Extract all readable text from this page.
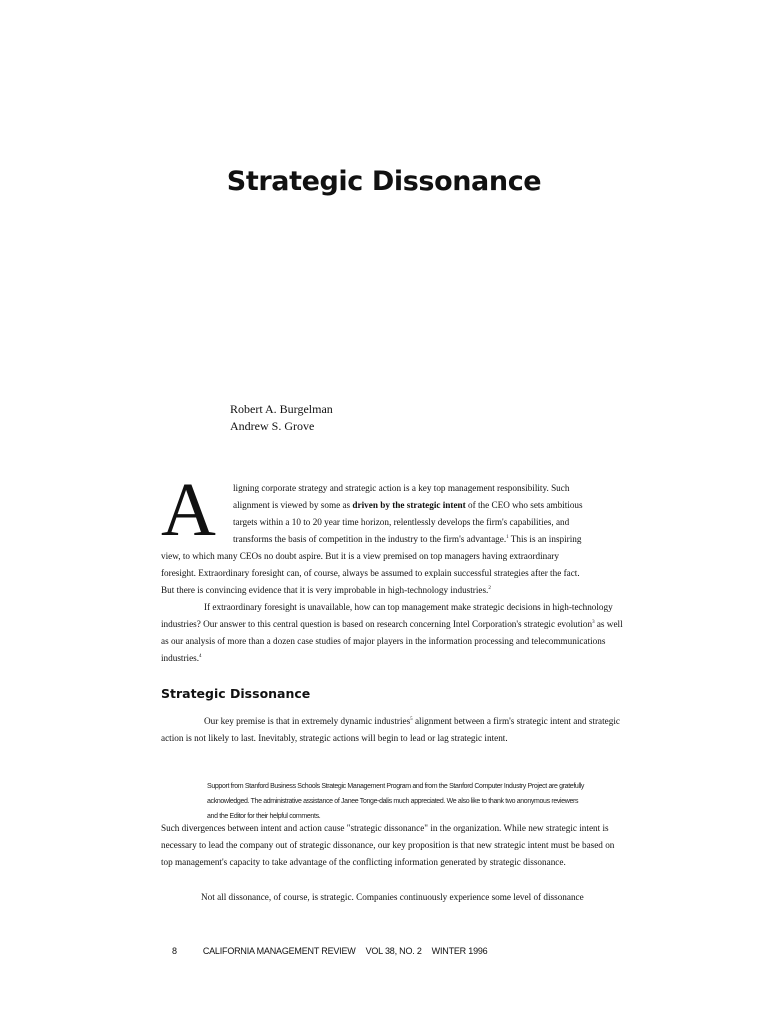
Strategic Dissonance
Robert A. Burgelman
Andrew S. Grove
A	ligning corporate strategy and strategic action is a key top management responsibility. Such
alignment is viewed by some as driven by the strategic intent of the CEO who sets ambitious
targets within a 10 to 20 year time horizon, relentlessly develops the firm's capabilities, and
transforms the basis of competition in the industry to the firm's advantage.$^1$ This is an inspiring
view, to which many CEOs no doubt aspire. But it is a view premised on top managers having extraordinary
foresight. Extraordinary foresight can, of course, always be assumed to explain successful strategies after the fact.
But there is convincing evidence that it is very improbable in high-technology industries.$^2$

If extraordinary foresight is unavailable, how can top management make strategic decisions in high-technology industries? Our answer to this central question is based on research concerning Intel Corporation's strategic evolution$^3$ as well as our analysis of more than a dozen case studies of major players in the information processing and telecommunications industries.$^4$

Strategic Dissonance

Our key premise is that in extremely dynamic industries$^5$ alignment between a firm's strategic intent and strategic action is not likely to last. Inevitably, strategic actions will begin to lead or lag strategic intent.

Support from Stanford Business Schools Strategic Management Program and from the Stanford Computer Industry Project are gratefully
acknowledged. The administrative assistance of Janee Tonge-dalis much appreciated. We also like to thank two anonymous reviewers
and the Editor for their helpful comments.

Such divergences between intent and action cause "strategic dissonance" in the organization. While new strategic intent is necessary to lead the company out of strategic dissonance, our key proposition is that new strategic intent must be based on top management's capacity to take advantage of the conflicting information generated by strategic dissonance.

Not all dissonance, of course, is strategic. Companies continuously experience some level of dissonance

8	CALIFORNIA MANAGEMENT REVIEW VOL 38, NO. 2 WINTER 1996
